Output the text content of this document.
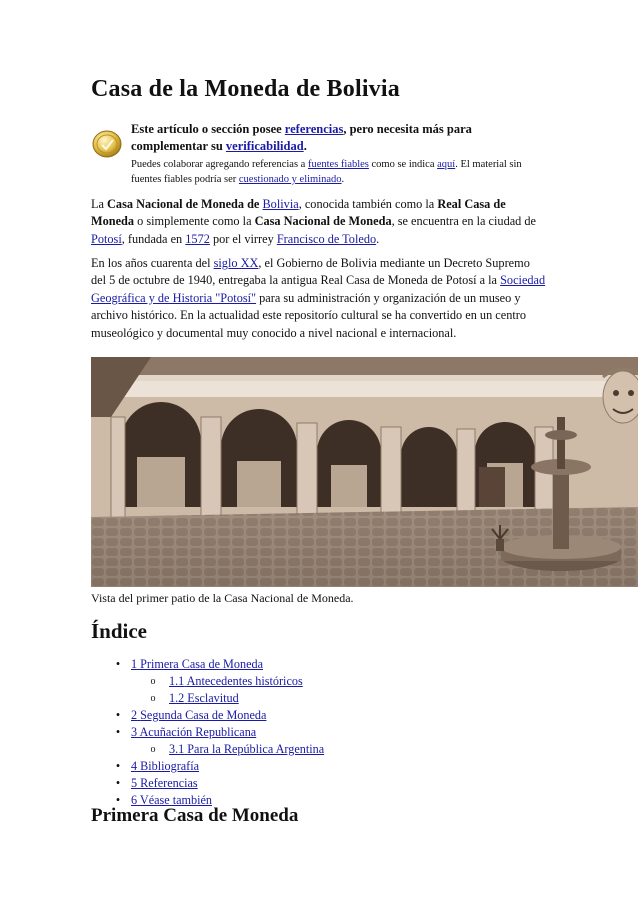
Casa de la Moneda de Bolivia
Este artículo o sección posee referencias, pero necesita más para complementar su verificabilidad.
Puedes colaborar agregando referencias a fuentes fiables como se indica aquí. El material sin fuentes fiables podría ser cuestionado y eliminado.

La Casa Nacional de Moneda de Bolivia, conocida también como la Real Casa de Moneda o simplemente como la Casa Nacional de Moneda, se encuentra en la ciudad de Potosí, fundada en 1572 por el virrey Francisco de Toledo.

En los años cuarenta del siglo XX, el Gobierno de Bolivia mediante un Decreto Supremo del 5 de octubre de 1940, entregaba la antigua Real Casa de Moneda de Potosí a la Sociedad Geográfica y de Historia "Potosí" para su administración y organización de un museo y archivo histórico. En la actualidad este repositorío cultural se ha convertido en un centro museológico y documental muy conocido a nivel nacional e internacional.

Vista del primer patio de la Casa Nacional de Moneda.
Índice
• 1 Primera Casa de Moneda
o 1.1 Antecedentes históricos
o 1.2 Esclavitud
• 2 Segunda Casa de Moneda
• 3 Acuñación Republicana
o 3.1 Para la República Argentina
• 4 Bibliografía
• 5 Referencias
• 6 Véase también
Primera Casa de Moneda
